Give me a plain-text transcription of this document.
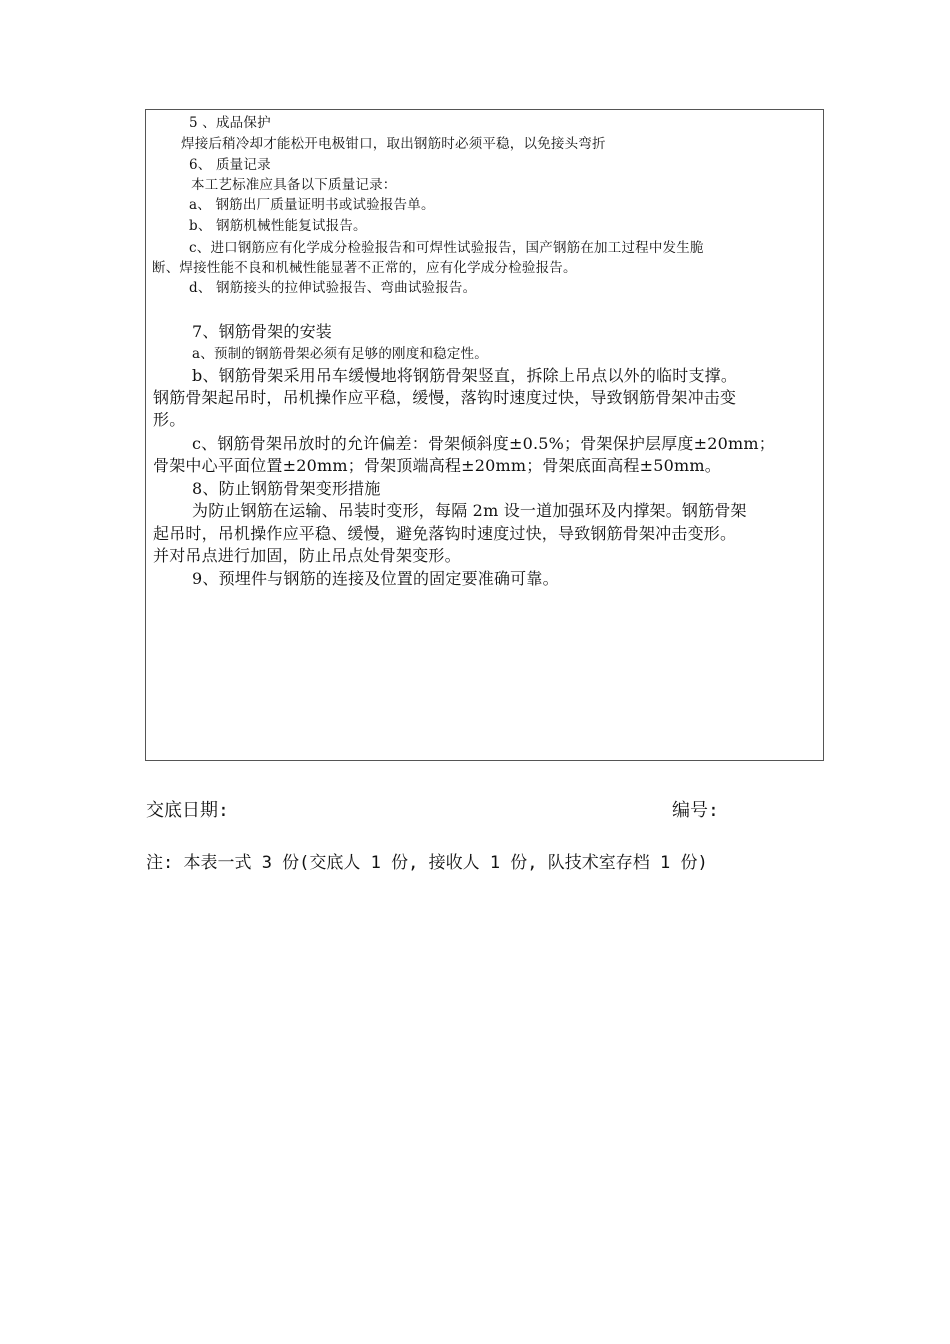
5 、成品保护
焊接后稍冷却才能松开电极钳口，取出钢筋时必须平稳，以免接头弯折
6、 质量记录
本工艺标准应具备以下质量记录：
a、 钢筋出厂质量证明书或试验报告单。
b、 钢筋机械性能复试报告。
c、进口钢筋应有化学成分检验报告和可焊性试验报告，国产钢筋在加工过程中发生脆
断、焊接性能不良和机械性能显著不正常的，应有化学成分检验报告。
d、 钢筋接头的拉伸试验报告、弯曲试验报告。
7、钢筋骨架的安装
a、预制的钢筋骨架必须有足够的刚度和稳定性。
b、钢筋骨架采用吊车缓慢地将钢筋骨架竖直，拆除上吊点以外的临时支撑。
钢筋骨架起吊时，吊机操作应平稳，缓慢，落钩时速度过快，导致钢筋骨架冲击变
形。
c、钢筋骨架吊放时的允许偏差：骨架倾斜度±0.5%；骨架保护层厚度±20mm；
骨架中心平面位置±20mm；骨架顶端高程±20mm；骨架底面高程±50mm。
8、防止钢筋骨架变形措施
为防止钢筋在运输、吊装时变形，每隔 2m 设一道加强环及内撑架。钢筋骨架
起吊时，吊机操作应平稳、缓慢，避免落钩时速度过快，导致钢筋骨架冲击变形。
并对吊点进行加固，防止吊点处骨架变形。
9、预埋件与钢筋的连接及位置的固定要准确可靠。
交底日期:	编号:
注: 本表一式 3 份(交底人 1 份, 接收人 1 份, 队技术室存档 1 份)
